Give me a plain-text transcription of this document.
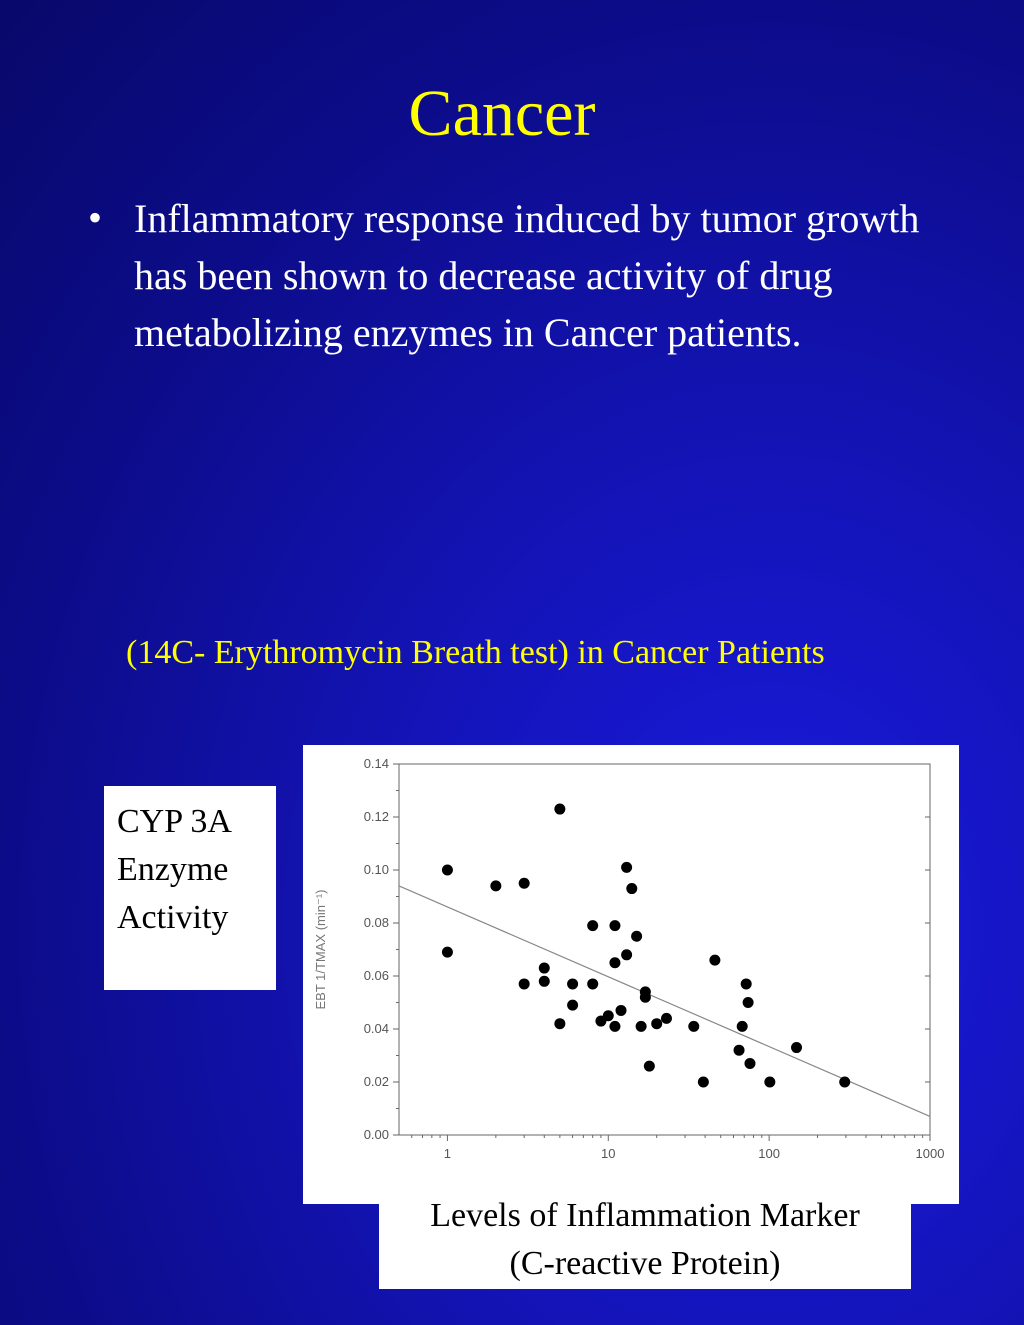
Cancer
• Inflammatory response induced by tumor growth has been shown to decrease activity of drug metabolizing enzymes in Cancer patients.
(14C- Erythromycin Breath test) in Cancer Patients
CYP 3A
Enzyme
Activity
0.00
0.02
0.04
0.06
0.08
0.10
0.12
0.14
1	10	100	1000
EBT 1/TMAX (min⁻¹)
Levels of Inflammation Marker
(C-reactive Protein)
